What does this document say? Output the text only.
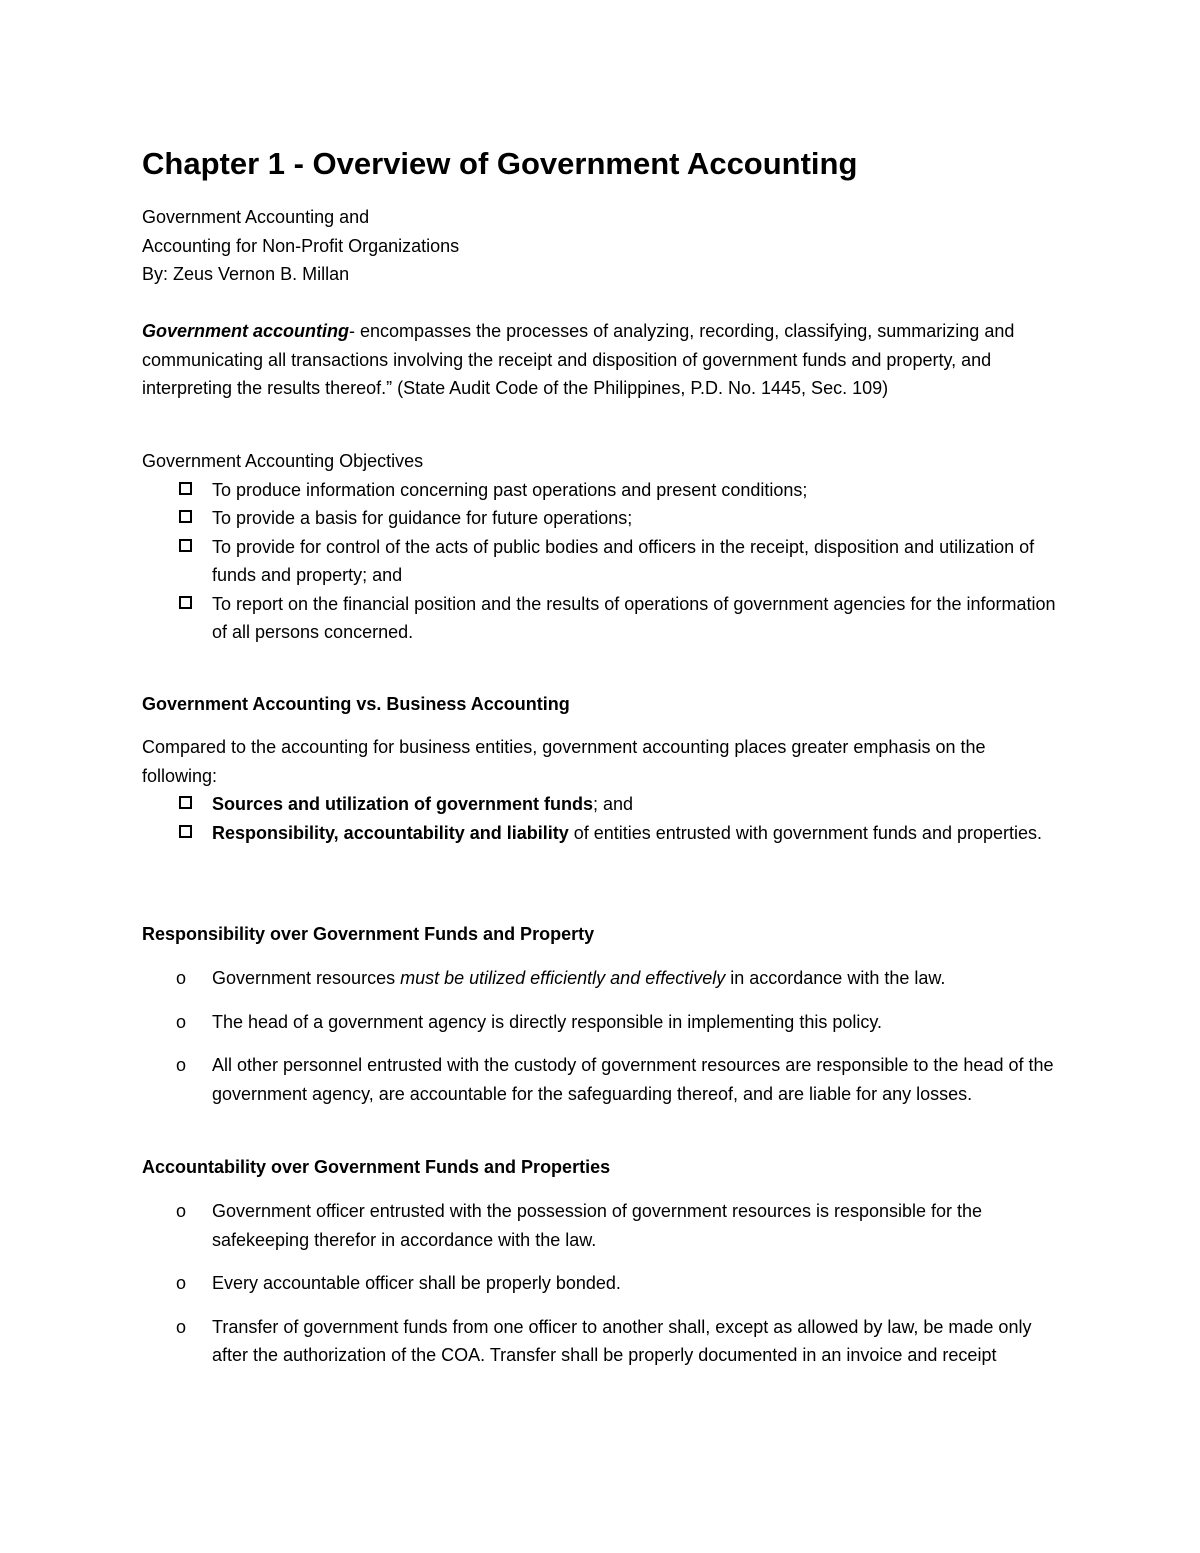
Chapter 1 - Overview of Government Accounting

Government Accounting and

Accounting for Non-Profit Organizations

By: Zeus Vernon B. Millan

Government accounting- encompasses the processes of analyzing, recording, classifying, summarizing and communicating all transactions involving the receipt and disposition of government funds and property, and interpreting the results thereof.” (State Audit Code of the Philippines, P.D. No. 1445, Sec. 109)

Government Accounting Objectives

To produce information concerning past operations and present conditions;
To provide a basis for guidance for future operations;
To provide for control of the acts of public bodies and officers in the receipt, disposition and utilization of funds and property; and
To report on the financial position and the results of operations of government agencies for the information of all persons concerned.
Government Accounting vs. Business Accounting

Compared to the accounting for business entities, government accounting places greater emphasis on the following:

Sources and utilization of government funds; and
Responsibility, accountability and liability of entities entrusted with government funds and properties.
Responsibility over Government Funds and Property
o Government resources must be utilized efficiently and effectively in accordance with the law.
o The head of a government agency is directly responsible in implementing this policy.
o All other personnel entrusted with the custody of government resources are responsible to the head of the government agency, are accountable for the safeguarding thereof, and are liable for any losses.
Accountability over Government Funds and Properties
o Government officer entrusted with the possession of government resources is responsible for the safekeeping therefor in accordance with the law.
o Every accountable officer shall be properly bonded.
o Transfer of government funds from one officer to another shall, except as allowed by law, be made only after the authorization of the COA. Transfer shall be properly documented in an invoice and receipt
